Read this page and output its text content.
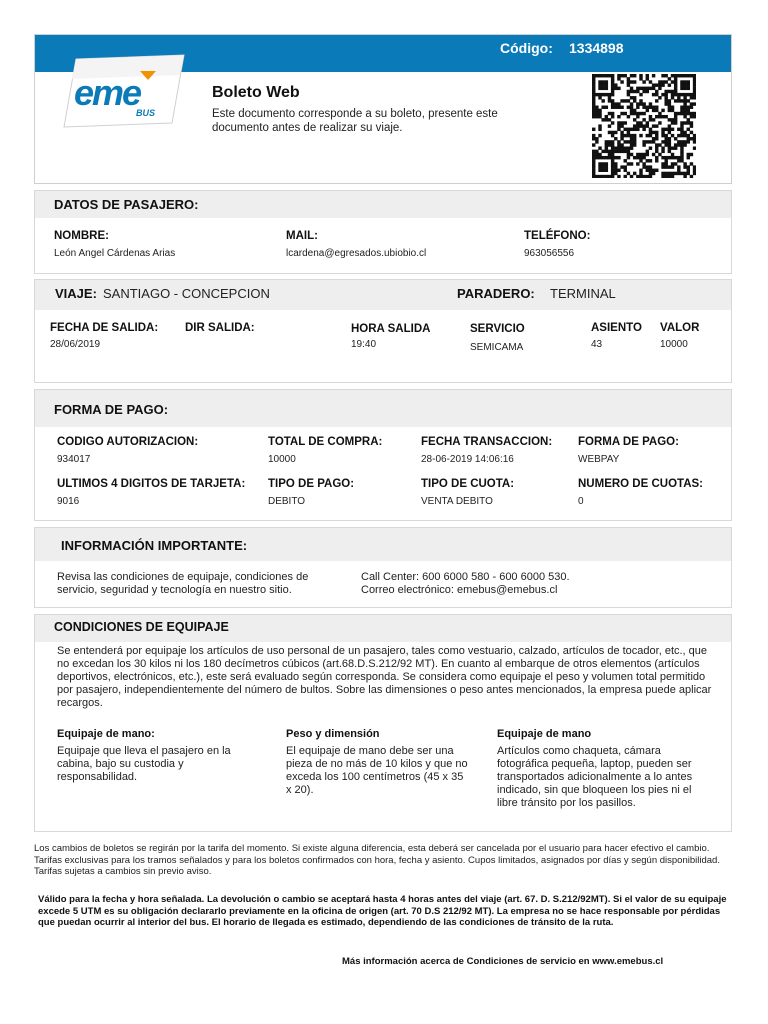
Código: 1334898
eme
BUS
Boleto Web
Este documento corresponde a su boleto, presente este documento antes de realizar su viaje.
DATOS DE PASAJERO:
NOMBRE:
León Angel Cárdenas Arias
MAIL:
lcardena@egresados.ubiobio.cl
TELÉFONO:
963056556
VIAJE: SANTIAGO - CONCEPCION	PARADERO: TERMINAL
FECHA DE SALIDA:
28/06/2019
DIR SALIDA:	HORA SALIDA
19:40
SERVICIO
SEMICAMA
ASIENTO
43
VALOR
10000
FORMA DE PAGO:
CODIGO AUTORIZACION:
934017
TOTAL DE COMPRA:
10000
FECHA TRANSACCION:
28-06-2019 14:06:16
FORMA DE PAGO:
WEBPAY
ULTIMOS 4 DIGITOS DE TARJETA:
9016
TIPO DE PAGO:
DEBITO
TIPO DE CUOTA:
VENTA DEBITO
NUMERO DE CUOTAS:
0
INFORMACIÓN IMPORTANTE:
Revisa las condiciones de equipaje, condiciones de
servicio, seguridad y tecnología en nuestro sitio.
Call Center: 600 6000 580 - 600 6000 530.
Correo electrónico: emebus@emebus.cl
CONDICIONES DE EQUIPAJE
Se entenderá por equipaje los artículos de uso personal de un pasajero, tales como vestuario, calzado, artículos de tocador, etc., que no excedan los 30 kilos ni los 180 decímetros cúbicos (art.68.D.S.212/92 MT). En cuanto al embarque de otros elementos (artículos deportivos, electrónicos, etc.), este será evaluado según corresponda. Se considera como equipaje el peso y volumen total permitido por pasajero, independientemente del número de bultos. Sobre las dimensiones o peso antes mencionados, la empresa puede aplicar recargos.
Equipaje de mano:
Equipaje que lleva el pasajero en la cabina, bajo su custodia y responsabilidad.
Peso y dimensión
El equipaje de mano debe ser una pieza de no más de 10 kilos y que no exceda los 100 centímetros (45 x 35 x 20).
Equipaje de mano
Artículos como chaqueta, cámara fotográfica pequeña, laptop, pueden ser transportados adicionalmente a lo antes indicado, sin que bloqueen los pies ni el libre tránsito por los pasillos.
Los cambios de boletos se regirán por la tarifa del momento. Si existe alguna diferencia, esta deberá ser cancelada por el usuario para hacer efectivo el cambio. Tarifas exclusivas para los tramos señalados y para los boletos confirmados con hora, fecha y asiento. Cupos limitados, asignados por días y según disponibilidad. Tarifas sujetas a cambios sin previo aviso.
Válido para la fecha y hora señalada. La devolución o cambio se aceptará hasta 4 horas antes del viaje (art. 67. D. S.212/92MT). Si el valor de su equipaje excede 5 UTM es su obligación declararlo previamente en la oficina de origen (art. 70 D.S 212/92 MT). La empresa no se hace responsable por pérdidas que puedan ocurrir al interior del bus. El horario de llegada es estimado, dependiendo de las condiciones de tránsito de la ruta.
Más información acerca de Condiciones de servicio en www.emebus.cl
